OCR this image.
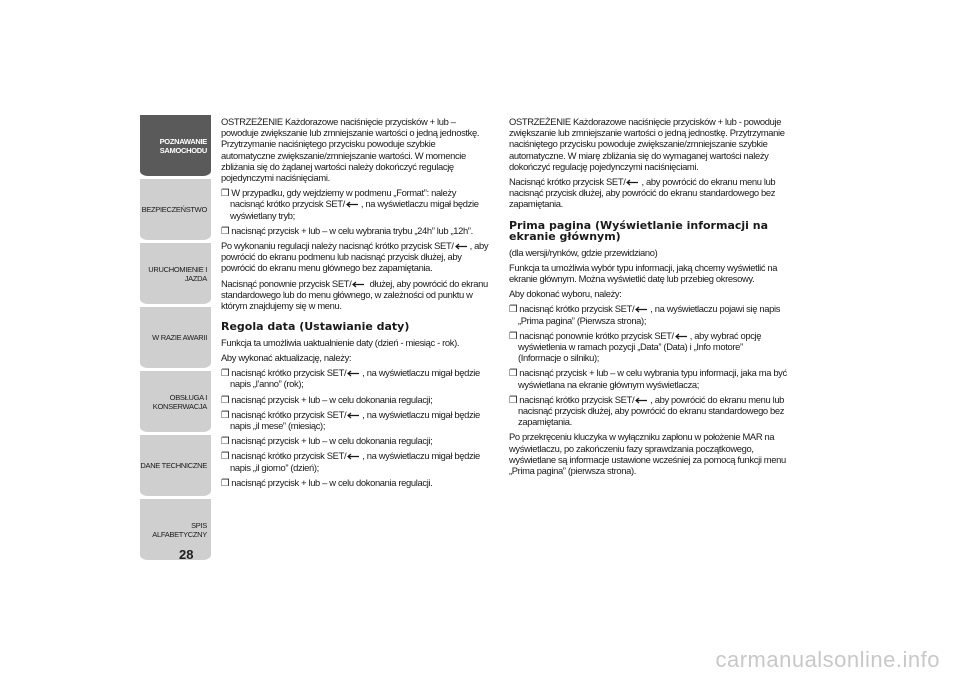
POZNAWANIE
SAMOCHODU
BEZPIECZEŃSTWO
URUCHOMIENIE I
JAZDA
W RAZIE AWARII
OBSŁUGA I
KONSERWACJA
DANE TECHNICZNE
SPIS ALFABETYCZNY
28

OSTRZEŻENIE Każdorazowe naciśnięcie przycisków + lub – powoduje zwiększanie lub zmniejszanie wartości o jedną jednostkę. Przytrzymanie naciśniętego przycisku powoduje szybkie automatyczne zwiększanie/zmniejszanie wartości. W momencie zbliżania się do żądanej wartości należy dokończyć regulację pojedynczymi naciśnięciami.

❒ W przypadku, gdy wejdziemy w podmenu „Format”: należy nacisnąć krótko przycisk SET/ , na wyświetlaczu migał będzie wyświetlany tryb;

❒ nacisnąć przycisk + lub – w celu wybrania trybu „24h” lub „12h”.

Po wykonaniu regulacji należy nacisnąć krótko przycisk SET/ , aby powrócić do ekranu podmenu lub nacisnąć przycisk dłużej, aby powrócić do ekranu menu głównego bez zapamiętania.

Nacisnąć ponownie przycisk SET/ dłużej, aby powrócić do ekranu standardowego lub do menu głównego, w zależności od punktu w którym znajdujemy się w menu.

Regola data (Ustawianie daty)

Funkcja ta umożliwia uaktualnienie daty (dzień - miesiąc - rok).

Aby wykonać aktualizację, należy:

❒ nacisnąć krótko przycisk SET/ , na wyświetlaczu migał będzie napis „l’anno” (rok);

❒ nacisnąć przycisk + lub – w celu dokonania regulacji;

❒ nacisnąć krótko przycisk SET/ , na wyświetlaczu migał będzie napis „il mese” (miesiąc);

❒ nacisnąć przycisk + lub – w celu dokonania regulacji;

❒ nacisnąć krótko przycisk SET/ , na wyświetlaczu migał będzie napis „il giorno” (dzień);

❒ nacisnąć przycisk + lub – w celu dokonania regulacji.

OSTRZEŻENIE Każdorazowe naciśnięcie przycisków + lub - powoduje zwiększanie lub zmniejszanie wartości o jedną jednostkę. Przytrzymanie naciśniętego przycisku powoduje zwiększanie/zmniejszanie szybkie automatyczne. W miarę zbliżania się do wymaganej wartości należy dokończyć regulację pojedynczymi naciśnięciami.

Nacisnąć krótko przycisk SET/ , aby powrócić do ekranu menu lub nacisnąć przycisk dłużej, aby powrócić do ekranu standardowego bez zapamiętania.

Prima pagina (Wyświetlanie informacji na ekranie głównym)

(dla wersji/rynków, gdzie przewidziano)

Funkcja ta umożliwia wybór typu informacji, jaką chcemy wyświetlić na ekranie głównym. Można wyświetlić datę lub przebieg okresowy.

Aby dokonać wyboru, należy:

❒ nacisnąć krótko przycisk SET/ , na wyświetlaczu pojawi się napis „Prima pagina” (Pierwsza strona);

❒ nacisnąć ponownie krótko przycisk SET/ , aby wybrać opcję wyświetlenia w ramach pozycji „Data” (Data) i „Info motore” (Informacje o silniku);

❒ nacisnąć przycisk + lub – w celu wybrania typu informacji, jaka ma być wyświetlana na ekranie głównym wyświetlacza;

❒ nacisnąć krótko przycisk SET/ , aby powrócić do ekranu menu lub nacisnąć przycisk dłużej, aby powrócić do ekranu standardowego bez zapamiętania.

Po przekręceniu kluczyka w wyłączniku zapłonu w położenie MAR na wyświetlaczu, po zakończeniu fazy sprawdzania początkowego, wyświetlane są informacje ustawione wcześniej za pomocą funkcji menu „Prima pagina” (pierwsza strona).

carmanualsonline.info
